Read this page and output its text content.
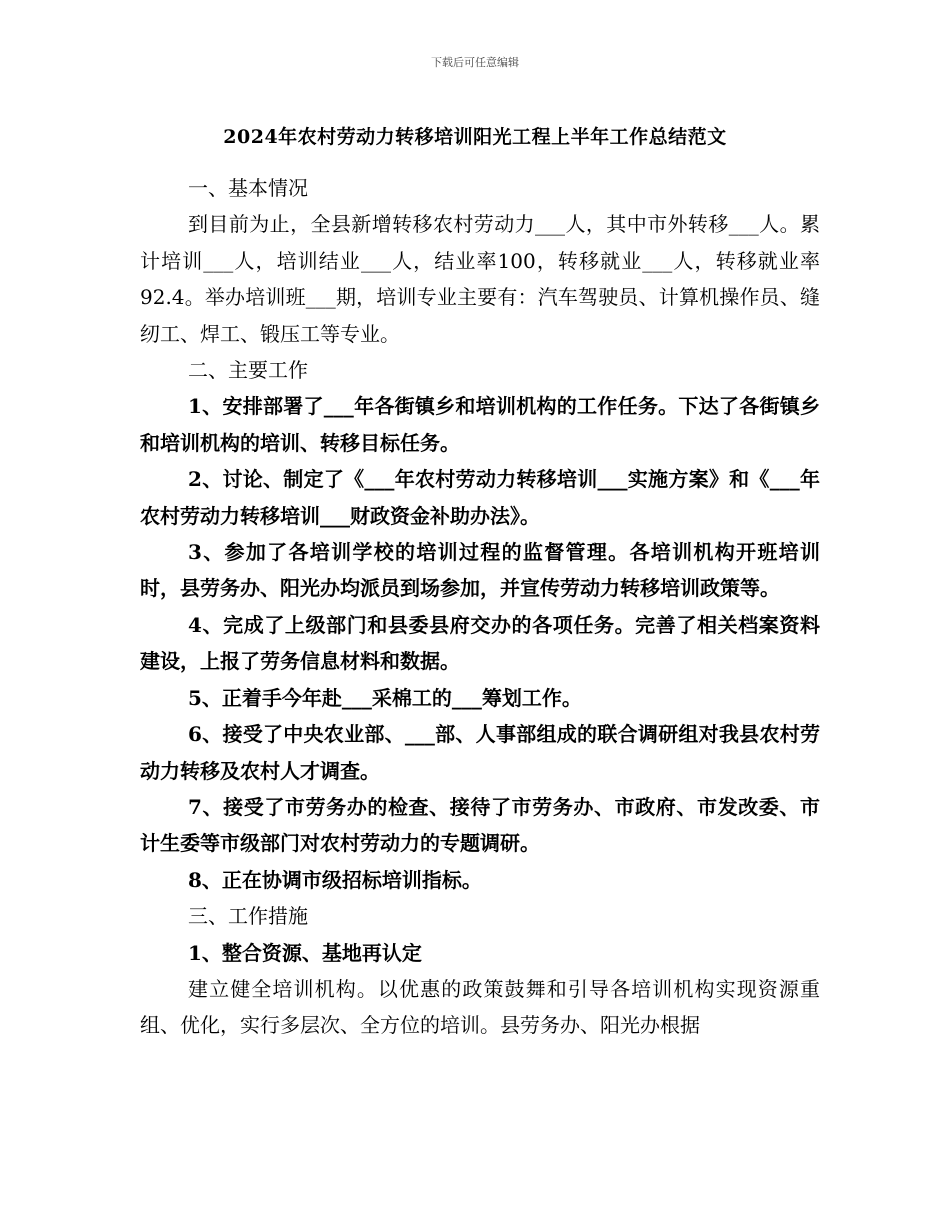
下载后可任意编辑
2024年农村劳动力转移培训阳光工程上半年工作总结范文

一、基本情况

到目前为止，全县新增转移农村劳动力___人，其中市外转移___人。累计培训___人，培训结业___人，结业率100，转移就业___人，转移就业率92.4。举办培训班___期，培训专业主要有：汽车驾驶员、计算机操作员、缝纫工、焊工、锻压工等专业。

二、主要工作

1、安排部署了___年各街镇乡和培训机构的工作任务。下达了各街镇乡和培训机构的培训、转移目标任务。

2、讨论、制定了《___年农村劳动力转移培训___实施方案》和《___年农村劳动力转移培训___财政资金补助办法》。

3、参加了各培训学校的培训过程的监督管理。各培训机构开班培训时，县劳务办、阳光办均派员到场参加，并宣传劳动力转移培训政策等。

4、完成了上级部门和县委县府交办的各项任务。完善了相关档案资料建设，上报了劳务信息材料和数据。

5、正着手今年赴___采棉工的___筹划工作。

6、接受了中央农业部、___部、人事部组成的联合调研组对我县农村劳动力转移及农村人才调查。

7、接受了市劳务办的检查、接待了市劳务办、市政府、市发改委、市计生委等市级部门对农村劳动力的专题调研。

8、正在协调市级招标培训指标。

三、工作措施

1、整合资源、基地再认定

建立健全培训机构。以优惠的政策鼓舞和引导各培训机构实现资源重组、优化，实行多层次、全方位的培训。县劳务办、阳光办根据
